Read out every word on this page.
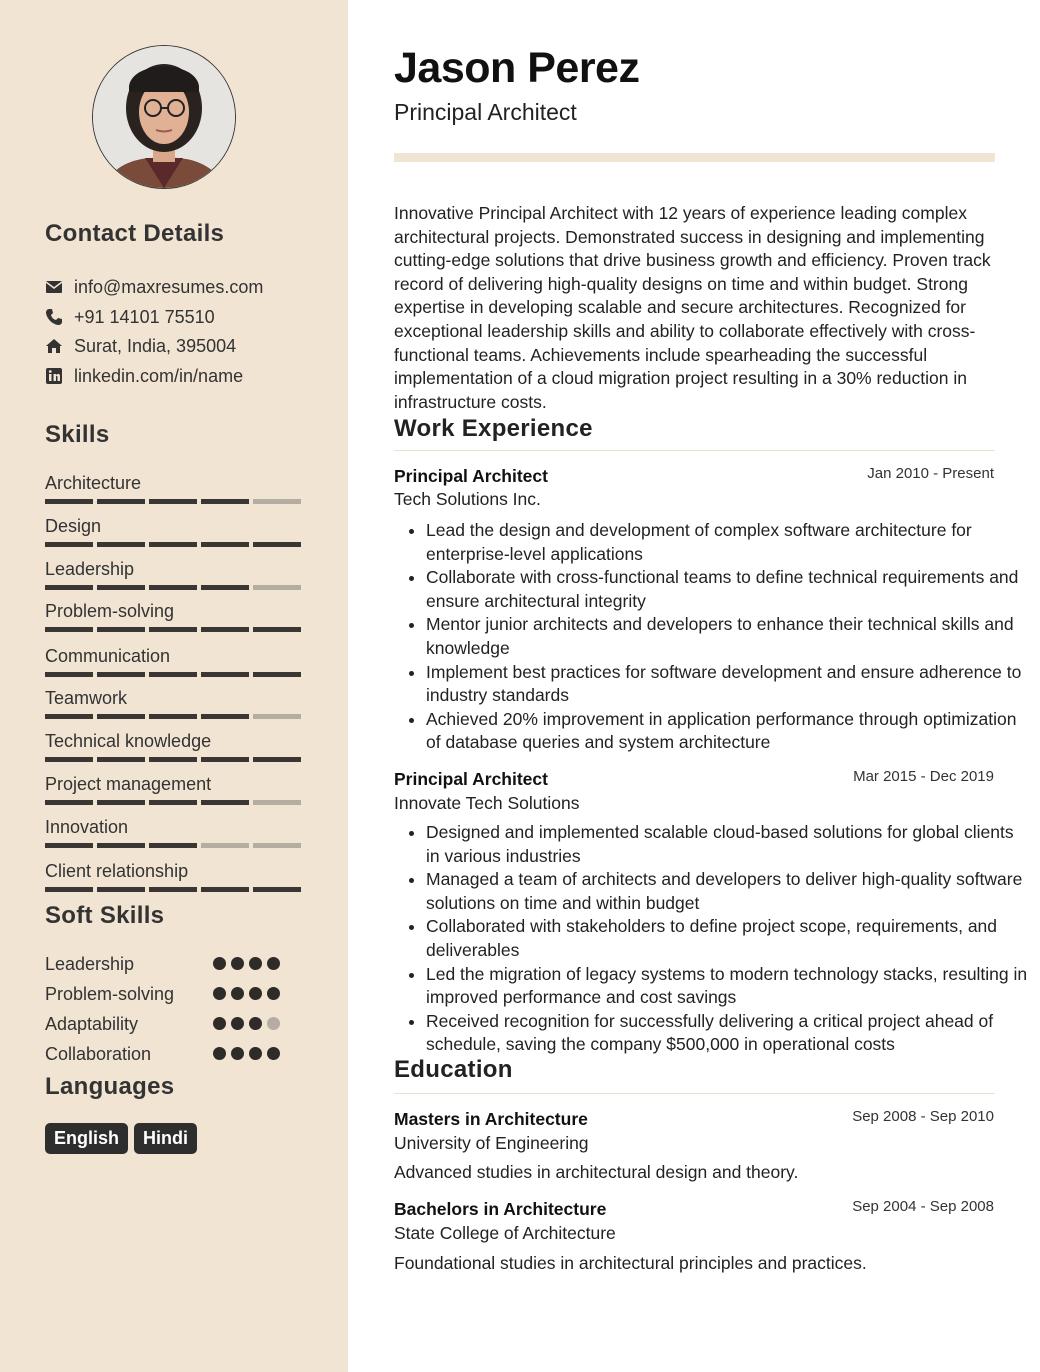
Contact Details
info@maxresumes.com
+91 14101 75510
Surat, India, 395004
linkedin.com/in/name
Skills
Architecture
Design
Leadership
Problem-solving
Communication
Teamwork
Technical knowledge
Project management
Innovation
Client relationship
Soft Skills
Leadership
Problem-solving
Adaptability
Collaboration
Languages
English	Hindi
Jason Perez
Principal Architect

Innovative Principal Architect with 12 years of experience leading complex architectural projects. Demonstrated success in designing and implementing cutting-edge solutions that drive business growth and efficiency. Proven track record of delivering high-quality designs on time and within budget. Strong expertise in developing scalable and secure architectures. Recognized for exceptional leadership skills and ability to collaborate effectively with cross-functional teams. Achievements include spearheading the successful implementation of a cloud migration project resulting in a 30% reduction in infrastructure costs.

Work Experience
Principal Architect	Jan 2010 - Present
Tech Solutions Inc.
• Lead the design and development of complex software architecture for enterprise-level applications
• Collaborate with cross-functional teams to define technical requirements and ensure architectural integrity
• Mentor junior architects and developers to enhance their technical skills and knowledge
• Implement best practices for software development and ensure adherence to industry standards
• Achieved 20% improvement in application performance through optimization of database queries and system architecture
Principal Architect	Mar 2015 - Dec 2019
Innovate Tech Solutions
• Designed and implemented scalable cloud-based solutions for global clients in various industries
• Managed a team of architects and developers to deliver high-quality software solutions on time and within budget
• Collaborated with stakeholders to define project scope, requirements, and deliverables
• Led the migration of legacy systems to modern technology stacks, resulting in improved performance and cost savings
• Received recognition for successfully delivering a critical project ahead of schedule, saving the company $500,000 in operational costs
Education
Masters in Architecture	Sep 2008 - Sep 2010
University of Engineering
Advanced studies in architectural design and theory.
Bachelors in Architecture	Sep 2004 - Sep 2008
State College of Architecture
Foundational studies in architectural principles and practices.
